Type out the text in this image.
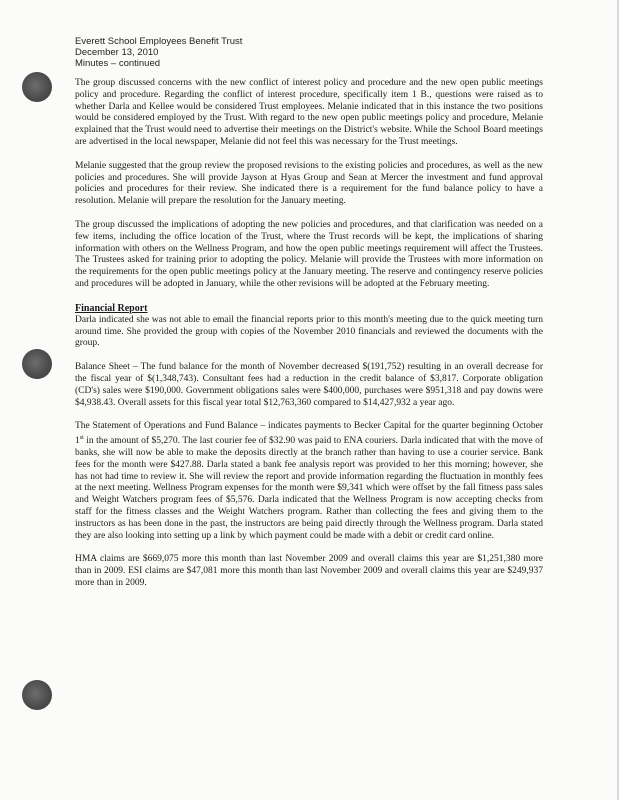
Everett School Employees Benefit Trust
December 13, 2010
Minutes – continued

The group discussed concerns with the new conflict of interest policy and procedure and the new open public meetings policy and procedure. Regarding the conflict of interest procedure, specifically item 1 B., questions were raised as to whether Darla and Kellee would be considered Trust employees. Melanie indicated that in this instance the two positions would be considered employed by the Trust. With regard to the new open public meetings policy and procedure, Melanie explained that the Trust would need to advertise their meetings on the District's website. While the School Board meetings are advertised in the local newspaper, Melanie did not feel this was necessary for the Trust meetings.

Melanie suggested that the group review the proposed revisions to the existing policies and procedures, as well as the new policies and procedures. She will provide Jayson at Hyas Group and Sean at Mercer the investment and fund approval policies and procedures for their review. She indicated there is a requirement for the fund balance policy to have a resolution. Melanie will prepare the resolution for the January meeting.

The group discussed the implications of adopting the new policies and procedures, and that clarification was needed on a few items, including the office location of the Trust, where the Trust records will be kept, the implications of sharing information with others on the Wellness Program, and how the open public meetings requirement will affect the Trustees. The Trustees asked for training prior to adopting the policy. Melanie will provide the Trustees with more information on the requirements for the open public meetings policy at the January meeting. The reserve and contingency reserve policies and procedures will be adopted in January, while the other revisions will be adopted at the February meeting.

Financial Report

Darla indicated she was not able to email the financial reports prior to this month's meeting due to the quick meeting turn around time. She provided the group with copies of the November 2010 financials and reviewed the documents with the group.

Balance Sheet – The fund balance for the month of November decreased $(191,752) resulting in an overall decrease for the fiscal year of $(1,348,743). Consultant fees had a reduction in the credit balance of $3,817. Corporate obligation (CD's) sales were $190,000. Government obligations sales were $400,000, purchases were $951,318 and pay downs were $4,938.43. Overall assets for this fiscal year total $12,763,360 compared to $14,427,932 a year ago.

The Statement of Operations and Fund Balance – indicates payments to Becker Capital for the quarter beginning October 1st in the amount of $5,270. The last courier fee of $32.90 was paid to ENA couriers. Darla indicated that with the move of banks, she will now be able to make the deposits directly at the branch rather than having to use a courier service. Bank fees for the month were $427.88. Darla stated a bank fee analysis report was provided to her this morning; however, she has not had time to review it. She will review the report and provide information regarding the fluctuation in monthly fees at the next meeting. Wellness Program expenses for the month were $9,341 which were offset by the fall fitness pass sales and Weight Watchers program fees of $5,576. Darla indicated that the Wellness Program is now accepting checks from staff for the fitness classes and the Weight Watchers program. Rather than collecting the fees and giving them to the instructors as has been done in the past, the instructors are being paid directly through the Wellness program. Darla stated they are also looking into setting up a link by which payment could be made with a debit or credit card online.

HMA claims are $669,075 more this month than last November 2009 and overall claims this year are $1,251,380 more than in 2009. ESI claims are $47,081 more this month than last November 2009 and overall claims this year are $249,937 more than in 2009.
